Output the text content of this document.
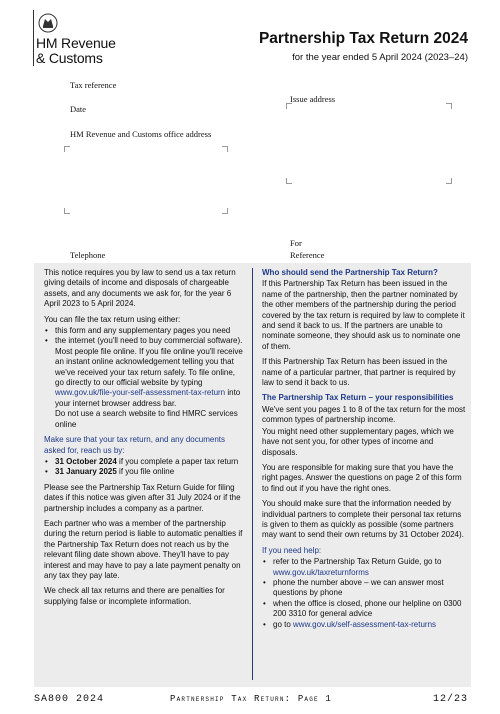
HM Revenue
& Customs
Partnership Tax Return 2024
for the year ended 5 April 2024 (2023–24)
Tax reference
Date
HM Revenue and Customs office address
Telephone
Issue address
For
Reference

This notice requires you by law to send us a tax return giving details of income and disposals of chargeable assets, and any documents we ask for, for the year 6 April 2023 to 5 April 2024.

You can file the tax return using either:

• this form and any supplementary pages you need
• the internet (you'll need to buy commercial software). Most people file online. If you file online you'll receive an instant online acknowledgement telling you that we've received your tax return safely. To file online, go directly to our official website by typing www.gov.uk/file-your-self-assessment-tax-return into your internet browser address bar.
Do not use a search website to find HMRC services online

Make sure that your tax return, and any documents asked for, reach us by:

• 31 October 2024 if you complete a paper tax return
• 31 January 2025 if you file online

Please see the Partnership Tax Return Guide for filing dates if this notice was given after 31 July 2024 or if the partnership includes a company as a partner.

Each partner who was a member of the partnership during the return period is liable to automatic penalties if the Partnership Tax Return does not reach us by the relevant filing date shown above. They'll have to pay interest and may have to pay a late payment penalty on any tax they pay late.

We check all tax returns and there are penalties for supplying false or incomplete information.

Who should send the Partnership Tax Return?

If this Partnership Tax Return has been issued in the name of the partnership, then the partner nominated by the other members of the partnership during the period covered by the tax return is required by law to complete it and send it back to us. If the partners are unable to nominate someone, they should ask us to nominate one of them.

If this Partnership Tax Return has been issued in the name of a particular partner, that partner is required by law to send it back to us.

The Partnership Tax Return – your responsibilities

We've sent you pages 1 to 8 of the tax return for the most common types of partnership income.

You might need other supplementary pages, which we have not sent you, for other types of income and disposals.

You are responsible for making sure that you have the right pages. Answer the questions on page 2 of this form to find out if you have the right ones.

You should make sure that the information needed by individual partners to complete their personal tax returns is given to them as quickly as possible (some partners may want to send their own returns by 31 October 2024).

If you need help:

• refer to the Partnership Tax Return Guide, go to www.gov.uk/taxreturnforms
• phone the number above – we can answer most questions by phone
• when the office is closed, phone our helpline on 0300 200 3310 for general advice
• go to www.gov.uk/self-assessment-tax-returns
SA800 2024	Partnership Tax Return: Page 1	12/23
